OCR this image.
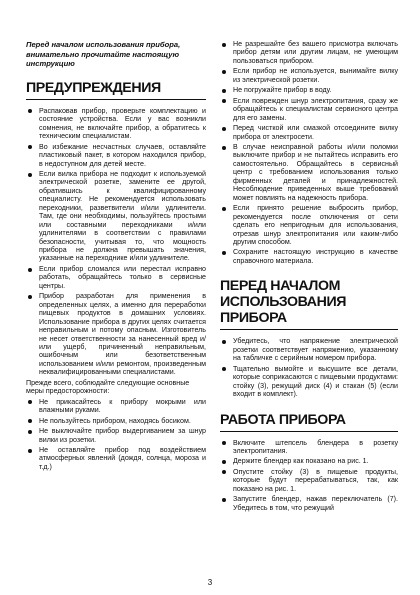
Перед началом использования прибора, внимательно прочитайте настоящую инструкцию

ПРЕДУПРЕЖДЕНИЯ
Распаковав прибор, проверьте комплектацию и состояние устройства. Если у вас возникли сомнения, не включайте прибор, а обратитесь к техническим специалистам.
Во избежание несчастных случаев, оставляйте пластиковый пакет, в котором находился прибор, в недоступном для детей месте.
Если вилка прибора не подходит к используемой электрической розетке, замените ее другой, обратившись к квалифицированному специалисту. Не рекомендуется использовать переходники, разветвители и/или удлинители. Там, где они необходимы, пользуйтесь простыми или составными переходниками и/или удлинителями в соответствии с правилами безопасности, учитывая то, что мощность прибора не должна превышать значения, указанные на переходнике и/или удлинителе.
Если прибор сломался или перестал исправно работать, обращайтесь только в сервисные центры.
Прибор разработан для применения в определенных целях, а именно для переработки пищевых продуктов в домашних условиях. Использование прибора в других целях считается неправильным и потому опасным. Изготовитель не несет ответственности за нанесенный вред и/или ущерб, причиненный неправильным, ошибочным или безответственным использованием и/или ремонтом, произведенным неквалифицированными специалистами.

Прежде всего, соблюдайте следующие основные меры предосторожности:

Не прикасайтесь к прибору мокрыми или влажными руками.
Не пользуйтесь прибором, находясь босиком.
Не выключайте прибор выдергиванием за шнур вилки из розетки.
Не оставляйте прибор под воздействием атмосферных явлений (дождя, солнца, мороза и т.д.)
Не разрешайте без вашего присмотра включать прибор детям или другим лицам, не умеющим пользоваться прибором.
Если прибор не используется, вынимайте вилку из электрической розетки.
Не погружайте прибор в воду.
Если поврежден шнур электропитания, сразу же обращайтесь к специалистам сервисного центра для его замены.
Перед чисткой или смазкой отсоедините вилку прибора от электросети.
В случае неисправной работы и/или поломки выключите прибор и не пытайтесь исправить его самостоятельно. Обращайтесь в сервисный центр с требованием использования только фирменных деталей и принадлежностей. Несоблюдение приведенных выше требований может повлиять на надежность прибора.
Если принято решение выбросить прибор, рекомендуется после отключения от сети сделать его непригодным для использования, отрезав шнур электропитания или каким-либо другим способом.
Сохраните настоящую инструкцию в качестве справочного материала.
ПЕРЕД НАЧАЛОМ
ИСПОЛЬЗОВАНИЯ ПРИБОРА
Убедитесь, что напряжение электрической розетки соответствует напряжению, указанному на табличке с серийным номером прибора.
Тщательно вымойте и высушите все детали, которые соприкасаются с пищевыми продуктами: стойку (3), режущий диск (4) и стакан (5) (если входит в комплект).
РАБОТА ПРИБОРА
Включите штепсель блендера в розетку электропитания.
Держите блендер как показано на рис. 1.
Опустите стойку (3) в пищевые продукты, которые будут перерабатываться, так, как показано на рис. 1.
Запустите блендер, нажав переключатель (7). Убедитесь в том, что режущий
3
